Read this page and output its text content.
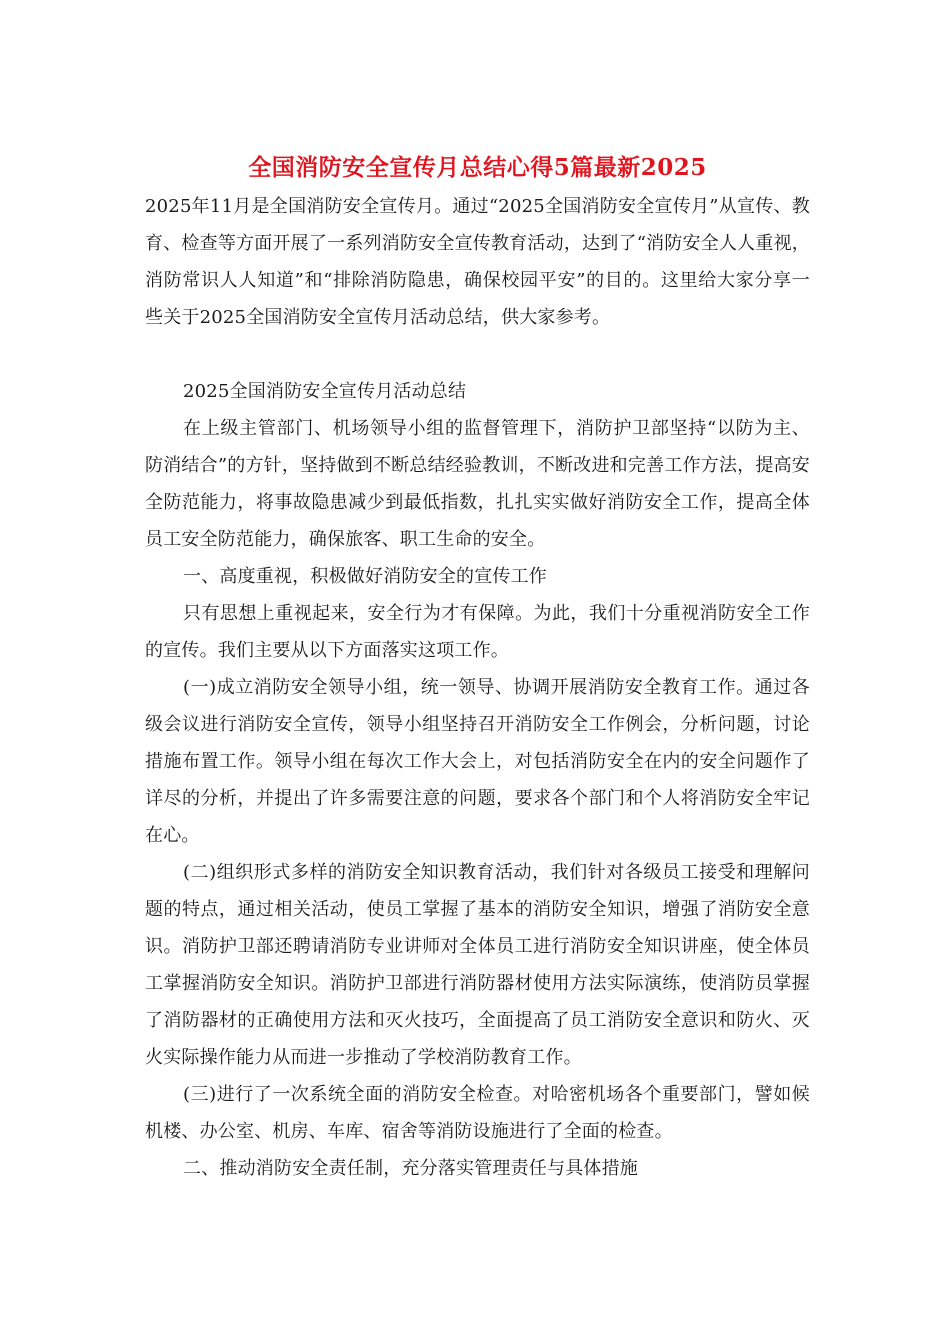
全国消防安全宣传月总结心得5篇最新2025

2025年11月是全国消防安全宣传月。通过“2025全国消防安全宣传月”从宣传、教育、检查等方面开展了一系列消防安全宣传教育活动，达到了“消防安全人人重视，消防常识人人知道”和“排除消防隐患，确保校园平安”的目的。这里给大家分享一些关于2025全国消防安全宣传月活动总结，供大家参考。

2025全国消防安全宣传月活动总结

在上级主管部门、机场领导小组的监督管理下，消防护卫部坚持“以防为主、防消结合”的方针，坚持做到不断总结经验教训，不断改进和完善工作方法，提高安全防范能力，将事故隐患减少到最低指数，扎扎实实做好消防安全工作，提高全体员工安全防范能力，确保旅客、职工生命的安全。

一、高度重视，积极做好消防安全的宣传工作

只有思想上重视起来，安全行为才有保障。为此，我们十分重视消防安全工作的宣传。我们主要从以下方面落实这项工作。

(一)成立消防安全领导小组，统一领导、协调开展消防安全教育工作。通过各级会议进行消防安全宣传，领导小组坚持召开消防安全工作例会，分析问题，讨论措施布置工作。领导小组在每次工作大会上，对包括消防安全在内的安全问题作了详尽的分析，并提出了许多需要注意的问题，要求各个部门和个人将消防安全牢记在心。

(二)组织形式多样的消防安全知识教育活动，我们针对各级员工接受和理解问题的特点，通过相关活动，使员工掌握了基本的消防安全知识，增强了消防安全意识。消防护卫部还聘请消防专业讲师对全体员工进行消防安全知识讲座，使全体员工掌握消防安全知识。消防护卫部进行消防器材使用方法实际演练，使消防员掌握了消防器材的正确使用方法和灭火技巧，全面提高了员工消防安全意识和防火、灭火实际操作能力从而进一步推动了学校消防教育工作。

(三)进行了一次系统全面的消防安全检查。对哈密机场各个重要部门，譬如候机楼、办公室、机房、车库、宿舍等消防设施进行了全面的检查。

二、推动消防安全责任制，充分落实管理责任与具体措施
